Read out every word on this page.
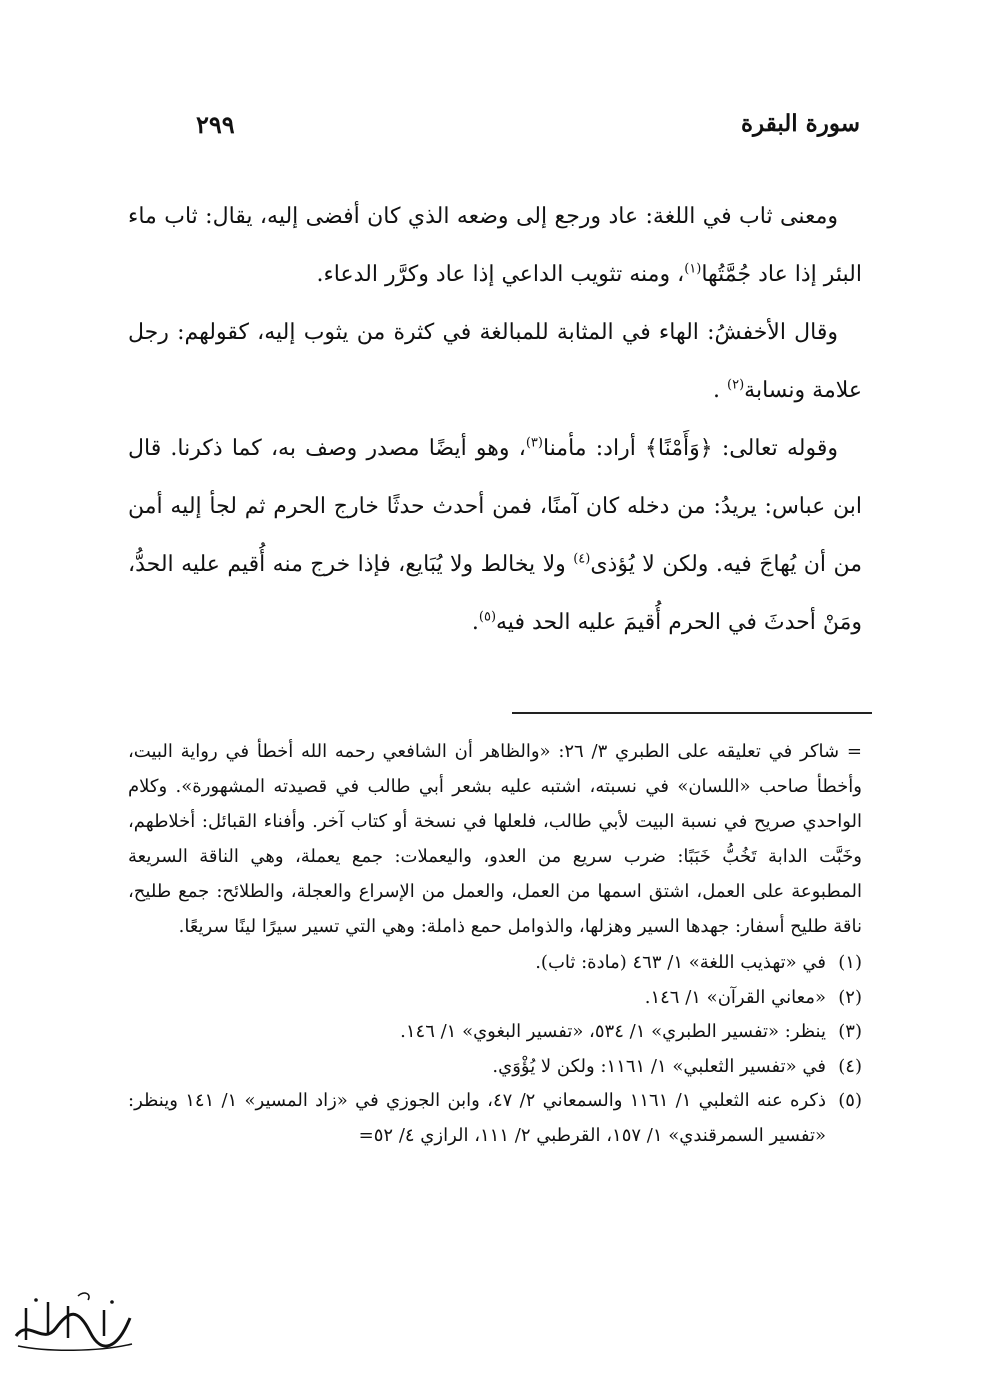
سورة البقرة
٢٩٩

ومعنى ثاب في اللغة: عاد ورجع إلى وضعه الذي كان أفضى إليه، يقال: ثاب ماء البئر إذا عاد جُمَّتُها$^{(١)}$، ومنه تثويب الداعي إذا عاد وكرَّر الدعاء.

وقال الأخفشُ: الهاء في المثابة للمبالغة في كثرة من يثوب إليه، كقولهم: رجل علامة ونسابة$^{(٢)}$ .

وقوله تعالى: ﴿وَأَمْنًا﴾ أراد: مأمنا$^{(٣)}$، وهو أيضًا مصدر وصف به، كما ذكرنا. قال ابن عباس: يريدُ: من دخله كان آمنًا، فمن أحدث حدثًا خارج الحرم ثم لجأ إليه أمن من أن يُهاجَ فيه. ولكن لا يُؤذى$^{(٤)}$ ولا يخالط ولا يُبَايع، فإذا خرج منه أُقيم عليه الحدُّ، ومَنْ أحدثَ في الحرم أُقيمَ عليه الحد فيه$^{(٥)}$.

= شاكر في تعليقه على الطبري ٣/ ٢٦: «والظاهر أن الشافعي رحمه الله أخطأ في رواية البيت، وأخطأ صاحب «اللسان» في نسبته، اشتبه عليه بشعر أبي طالب في قصيدته المشهورة». وكلام الواحدي صريح في نسبة البيت لأبي طالب، فلعلها في نسخة أو كتاب آخر. وأفناء القبائل: أخلاطهم، وخَبَّت الدابة تَخُبُّ خَبَبًا: ضرب سريع من العدو، واليعملات: جمع يعملة، وهي الناقة السريعة المطبوعة على العمل، اشتق اسمها من العمل، والعمل من الإسراع والعجلة، والطلائح: جمع طليح، ناقة طليح أسفار: جهدها السير وهزلها، والذوامل حمع ذاملة: وهي التي تسير سيرًا لينًا سريعًا.

(١)
في «تهذيب اللغة» ١/ ٤٦٣ (مادة: ثاب).
(٢)
«معاني القرآن» ١/ ١٤٦.
(٣)
ينظر: «تفسير الطبري» ١/ ٥٣٤، «تفسير البغوي» ١/ ١٤٦.
(٤)
في «تفسير الثعلبي» ١/ ١١٦١: ولكن لا يُؤْوَي.
(٥)
ذكره عنه الثعلبي ١/ ١١٦١ والسمعاني ٢/ ٤٧، وابن الجوزي في «زاد المسير» ١/ ١٤١ وينظر: «تفسير السمرقندي» ١/ ١٥٧، القرطبي ٢/ ١١١، الرازي ٤/ ٥٢=
